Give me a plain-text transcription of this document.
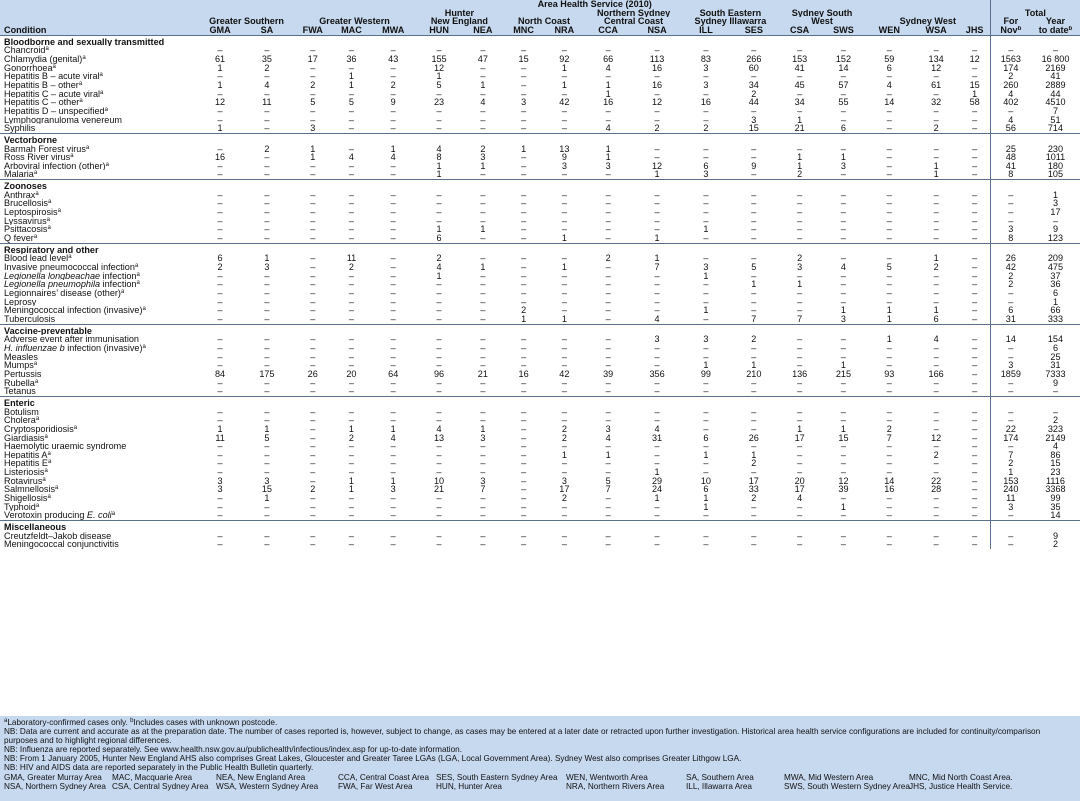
	Area Health Service (2010)																			
						Hunter				Northern Sydney		South Eastern		Sydney South					Total	
	Greater Southern		Greater Western			New England		North Coast		Central Coast		Sydney Illawarra		West		Sydney West			For	Year
Condition	GMA	SA	FWA	MAC	MWA	HUN	NEA	MNC	NRA	CCA	NSA	ILL	SES	CSA	SWS	WEN	WSA	JHS	Nov$^b$	to date$^b$
Bloodborne and sexually transmitted																				
Chancroid$^a$	–	–	–	–	–	–	–	–	–	–	–	–	–	–	–	–	–	–	–	–
Chlamydia (genital)$^a$	61	35	17	36	43	155	47	15	92	66	113	83	266	153	152	59	134	12	1563	16 800
Gonorrhoea$^a$	1	2	–	–	–	12	–	–	1	4	16	3	60	41	14	6	12	–	174	2169
Hepatitis B – acute viral$^a$	–	–	–	1	–	1	–	–	–	–	–	–	–	–	–	–	–	–	2	41
Hepatitis B – other$^a$	1	4	2	1	2	5	1	–	1	1	16	3	34	45	57	4	61	15	260	2889
Hepatitis C – acute viral$^a$	–	–	–	–	–	–	–	–	–	1	–	–	2	–	–	–	–	1	4	44
Hepatitis C – other$^a$	12	11	5	5	9	23	4	3	42	16	12	16	44	34	55	14	32	58	402	4510
Hepatitis D – unspecified$^a$	–	–	–	–	–	–	–	–	–	–	–	–	–	–	–	–	–	–	–	7
Lymphogranuloma venereum	–	–	–	–	–	–	–	–	–	–	–	–	3	1	–	–	–	–	4	51
Syphilis	1	–	3	–	–	–	–	–	–	4	2	2	15	21	6	–	2	–	56	714
Vectorborne																				
Barmah Forest virus$^a$	–	2	1	–	1	4	2	1	13	1	–	–	–	–	–	–	–	–	25	230
Ross River virus$^a$	16	–	1	4	4	8	3	–	9	1	–	–	–	1	1	–	–	–	48	1011
Arboviral infection (other)$^a$	–	–	–	–	–	1	1	–	3	3	12	6	9	1	3	–	1	–	41	180
Malaria$^a$	–	–	–	–	–	1	–	–	–	–	1	3	–	2	–	–	1	–	8	105
Zoonoses																				
Anthrax$^a$	–	–	–	–	–	–	–	–	–	–	–	–	–	–	–	–	–	–	–	1
Brucellosis$^a$	–	–	–	–	–	–	–	–	–	–	–	–	–	–	–	–	–	–	–	3
Leptospirosis$^a$	–	–	–	–	–	–	–	–	–	–	–	–	–	–	–	–	–	–	–	17
Lyssavirus$^a$	–	–	–	–	–	–	–	–	–	–	–	–	–	–	–	–	–	–	–	–
Psittacosis$^a$	–	–	–	–	–	1	1	–	–	–	–	1	–	–	–	–	–	–	3	9
Q fever$^a$	–	–	–	–	–	6	–	–	1	–	1	–	–	–	–	–	–	–	8	123
Respiratory and other																				
Blood lead level$^a$	6	1	–	11	–	2	–	–	–	2	1	–	–	2	–	–	1	–	26	209
Invasive pneumococcal infection$^a$	2	3	–	2	–	4	1	–	1	–	7	3	5	3	4	5	2	–	42	475
Legionella longbeachae infection$^a$	–	–	–	–	–	1	–	–	–	–	–	1	–	–	–	–	–	–	2	37
Legionella pneumophila infection$^a$	–	–	–	–	–	–	–	–	–	–	–	–	1	1	–	–	–	–	2	36
Legionnaires’ disease (other)$^a$	–	–	–	–	–	–	–	–	–	–	–	–	–	–	–	–	–	–	–	6
Leprosy	–	–	–	–	–	–	–	–	–	–	–	–	–	–	–	–	–	–	–	1
Meningococcal infection (invasive)$^a$	–	–	–	–	–	–	–	2	–	–	–	1	–	–	1	1	1	–	6	66
Tuberculosis	–	–	–	–	–	–	–	1	1	–	4	–	7	7	3	1	6	–	31	333
Vaccine-preventable																				
Adverse event after immunisation	–	–	–	–	–	–	–	–	–	–	3	3	2	–	–	1	4	–	14	154
H. influenzae b infection (invasive)$^a$	–	–	–	–	–	–	–	–	–	–	–	–	–	–	–	–	–	–	–	6
Measles	–	–	–	–	–	–	–	–	–	–	–	–	–	–	–	–	–	–	–	25
Mumps$^a$	–	–	–	–	–	–	–	–	–	–	–	1	1	–	1	–	–	–	3	31
Pertussis	84	175	26	20	64	96	21	16	42	39	356	99	210	136	215	93	166	–	1859	7333
Rubella$^a$	–	–	–	–	–	–	–	–	–	–	–	–	–	–	–	–	–	–	–	9
Tetanus	–	–	–	–	–	–	–	–	–	–	–	–	–	–	–	–	–	–	–	–
Enteric																				
Botulism	–	–	–	–	–	–	–	–	–	–	–	–	–	–	–	–	–	–	–	–
Cholera$^a$	–	–	–	–	–	–	–	–	–	–	–	–	–	–	–	–	–	–	–	2
Cryptosporidiosis$^a$	1	1	–	1	1	4	1	–	2	3	4	–	–	1	1	2	–	–	22	323
Giardiasis$^a$	11	5	–	2	4	13	3	–	2	4	31	6	26	17	15	7	12	–	174	2149
Haemolytic uraemic syndrome	–	–	–	–	–	–	–	–	–	–	–	–	–	–	–	–	–	–	–	4
Hepatitis $A^a$	–	–	–	–	–	–	–	–	1	1	–	1	1	–	–	–	2	–	7	86
Hepatitis $E^a$	–	–	–	–	–	–	–	–	–	–	–	–	2	–	–	–	–	–	2	15
Listeriosis$^a$	–	–	–	–	–	–	–	–	–	–	1	–	–	–	–	–	–	–	1	23
Rotavirus$^a$	3	3	–	1	1	10	3	–	3	5	29	10	17	20	12	14	22	–	153	1116
Salmnellosis$^a$	3	15	2	1	3	21	7	–	17	7	24	6	33	17	39	16	28	–	240	3368
Shigellosis$^a$	–	1	–	–	–	–	–	–	2	–	1	1	2	4	–	–	–	–	11	99
Typhoid$^a$	–	–	–	–	–	–	–	–	–	–	–	1	–	–	1	–	–	–	3	35
Verotoxin producing E. coli$^a$	–	–	–	–	–	–	–	–	–	–	–	–	–	–	–	–	–	–	–	14
Miscellaneous																				
Creutzfeldt–Jakob disease	–	–	–	–	–	–	–	–	–	–	–	–	–	–	–	–	–	–	–	9
Meningococcal conjunctivitis	–	–	–	–	–	–	–	–	–	–	–	–	–	–	–	–	–	–	–	2

$^a$Laboratory-confirmed cases only. $^b$Includes cases with unknown postcode.

NB: Data are current and accurate as at the preparation date. The number of cases reported is, however, subject to change, as cases may be entered at a later date or retracted upon further investigation. Historical area health service configurations are included for continuity/comparison purposes and to highlight regional differences.

NB: Influenza are reported separately. See www.health.nsw.gov.au/publichealth/infectious/index.asp for up-to-date information.

NB: From 1 January 2005, Hunter New England AHS also comprises Great Lakes, Gloucester and Greater Taree LGAs (LGA, Local Government Area). Sydney West also comprises Greater Lithgow LGA.

NB: HIV and AIDS data are reported separately in the Public Health Bulletin quarterly.

GMA, Greater Murray Area	MAC, Macquarie Area	NEA, New England Area	CCA, Central Coast Area SES, South Eastern Sydney Area	WEN, Wentworth Area	SA, Southern Area	MWA, Mid Western Area	MNC, Mid North Coast Area.
NSA, Northern Sydney Area CSA, Central Sydney Area WSA, Western Sydney Area	FWA, Far West Area	HUN, Hunter Area	NRA, Northern Rivers Area	ILL, Illawarra Area	SWS, South Western Sydney Area JHS, Justice Health Service.
